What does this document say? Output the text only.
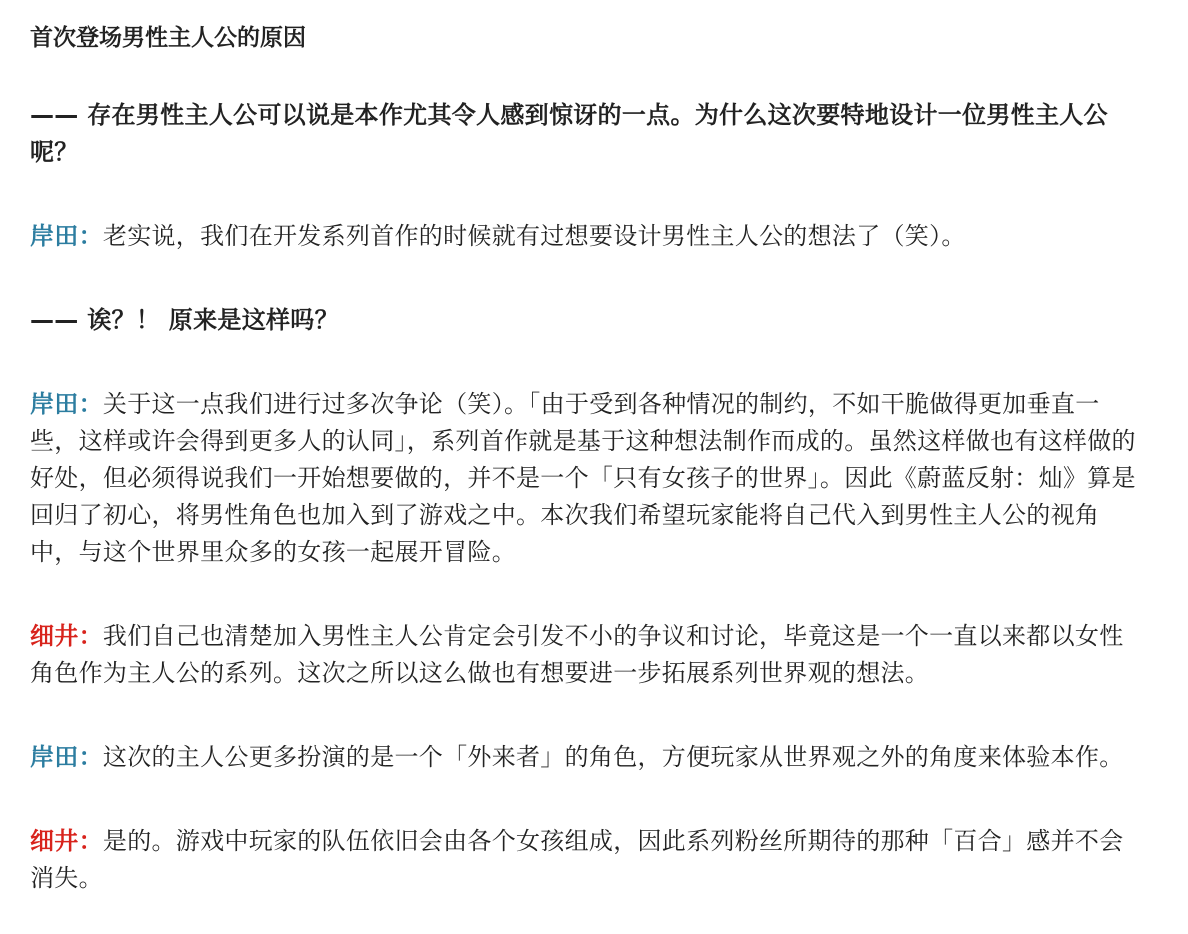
首次登场男性主人公的原因

—— 存在男性主人公可以说是本作尤其令人感到惊讶的一点。为什么这次要特地设计一位男性主人公呢？

岸田：老实说，我们在开发系列首作的时候就有过想要设计男性主人公的想法了（笑）。

—— 诶？！ 原来是这样吗？

岸田：关于这一点我们进行过多次争论（笑）。「由于受到各种情况的制约，不如干脆做得更加垂直一些，这样或许会得到更多人的认同」，系列首作就是基于这种想法制作而成的。虽然这样做也有这样做的好处，但必须得说我们一开始想要做的，并不是一个「只有女孩子的世界」。因此《蔚蓝反射：灿》算是回归了初心，将男性角色也加入到了游戏之中。本次我们希望玩家能将自己代入到男性主人公的视角中，与这个世界里众多的女孩一起展开冒险。

细井：我们自己也清楚加入男性主人公肯定会引发不小的争议和讨论，毕竟这是一个一直以来都以女性角色作为主人公的系列。这次之所以这么做也有想要进一步拓展系列世界观的想法。

岸田：这次的主人公更多扮演的是一个「外来者」的角色，方便玩家从世界观之外的角度来体验本作。

细井：是的。游戏中玩家的队伍依旧会由各个女孩组成，因此系列粉丝所期待的那种「百合」感并不会消失。
